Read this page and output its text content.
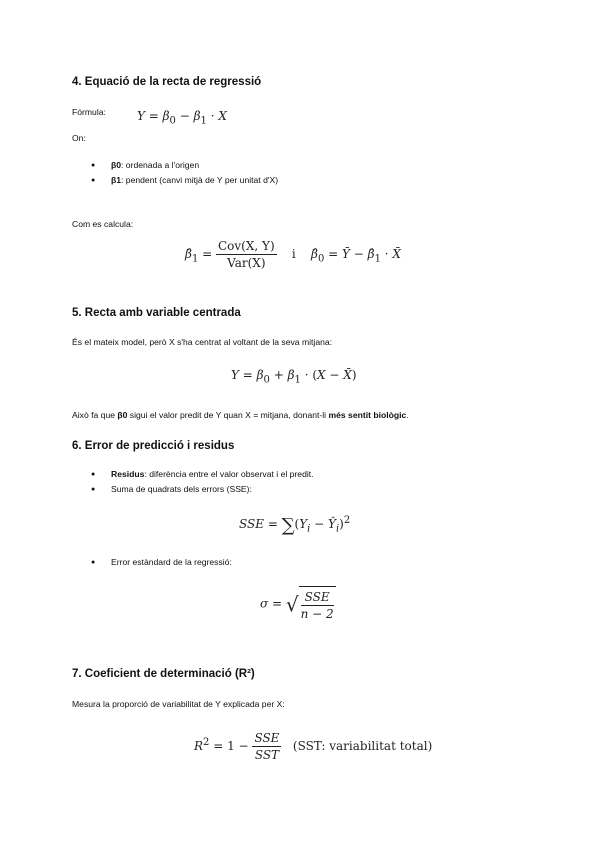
4. Equació de la recta de regressió
Fórmula:	$Y = \beta_0 - \beta_1 \cdot X$
On:
● β0: ordenada a l'origen
● β1: pendent (canvi mitjà de Y per unitat d'X)
Com es calcula:
$\betâ_1 = \frac{\text{Cov(X, Y)}}{\text{Var(X)}}$ i $\betâ_0$ = Ȳ − $\betâ_1$ · X̄
5. Recta amb variable centrada
És el mateix model, però X s'ha centrat al voltant de la seva mitjana:
$Y = \beta_0 + \beta_1 \cdot (X$ − X̄)
Això fa que β0 sigui el valor predit de Y quan X = mitjana, donant-li més sentit biològic.
6. Error de predicció i residus
● Residus: diferència entre el valor observat i el predit.
● Suma de quadrats dels errors (SSE):
SSE = $\sum(Y_i$ − $Ŷ_i)^2$
● Error estàndard de la regressió:
σ = √ $\frac{\text{SSE}}{n - 2}$
7. Coeficient de determinació (R²)
Mesura la proporció de variabilitat de Y explicada per X:
$R^2 = 1 - \frac{\text{SSE}}{\text{SST}} (SST$: variabilitat total)
